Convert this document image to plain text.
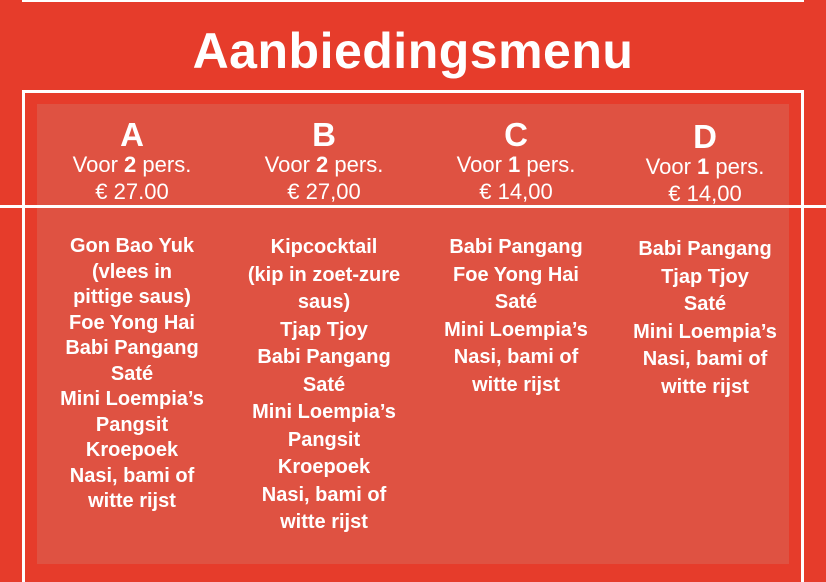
Aanbiedingsmenu
A
Voor 2 pers.
€ 27.00
Gon Bao Yuk
(vlees in
pittige saus)
Foe Yong Hai
Babi Pangang
Saté
Mini Loempia’s
Pangsit
Kroepoek
Nasi, bami of
witte rijst
B
Voor 2 pers.
€ 27,00
Kipcocktail
(kip in zoet-zure
saus)
Tjap Tjoy
Babi Pangang
Saté
Mini Loempia’s
Pangsit
Kroepoek
Nasi, bami of
witte rijst
C
Voor 1 pers.
€ 14,00
Babi Pangang
Foe Yong Hai
Saté
Mini Loempia’s
Nasi, bami of
witte rijst
D
Voor 1 pers.
€ 14,00
Babi Pangang
Tjap Tjoy
Saté
Mini Loempia’s
Nasi, bami of
witte rijst
